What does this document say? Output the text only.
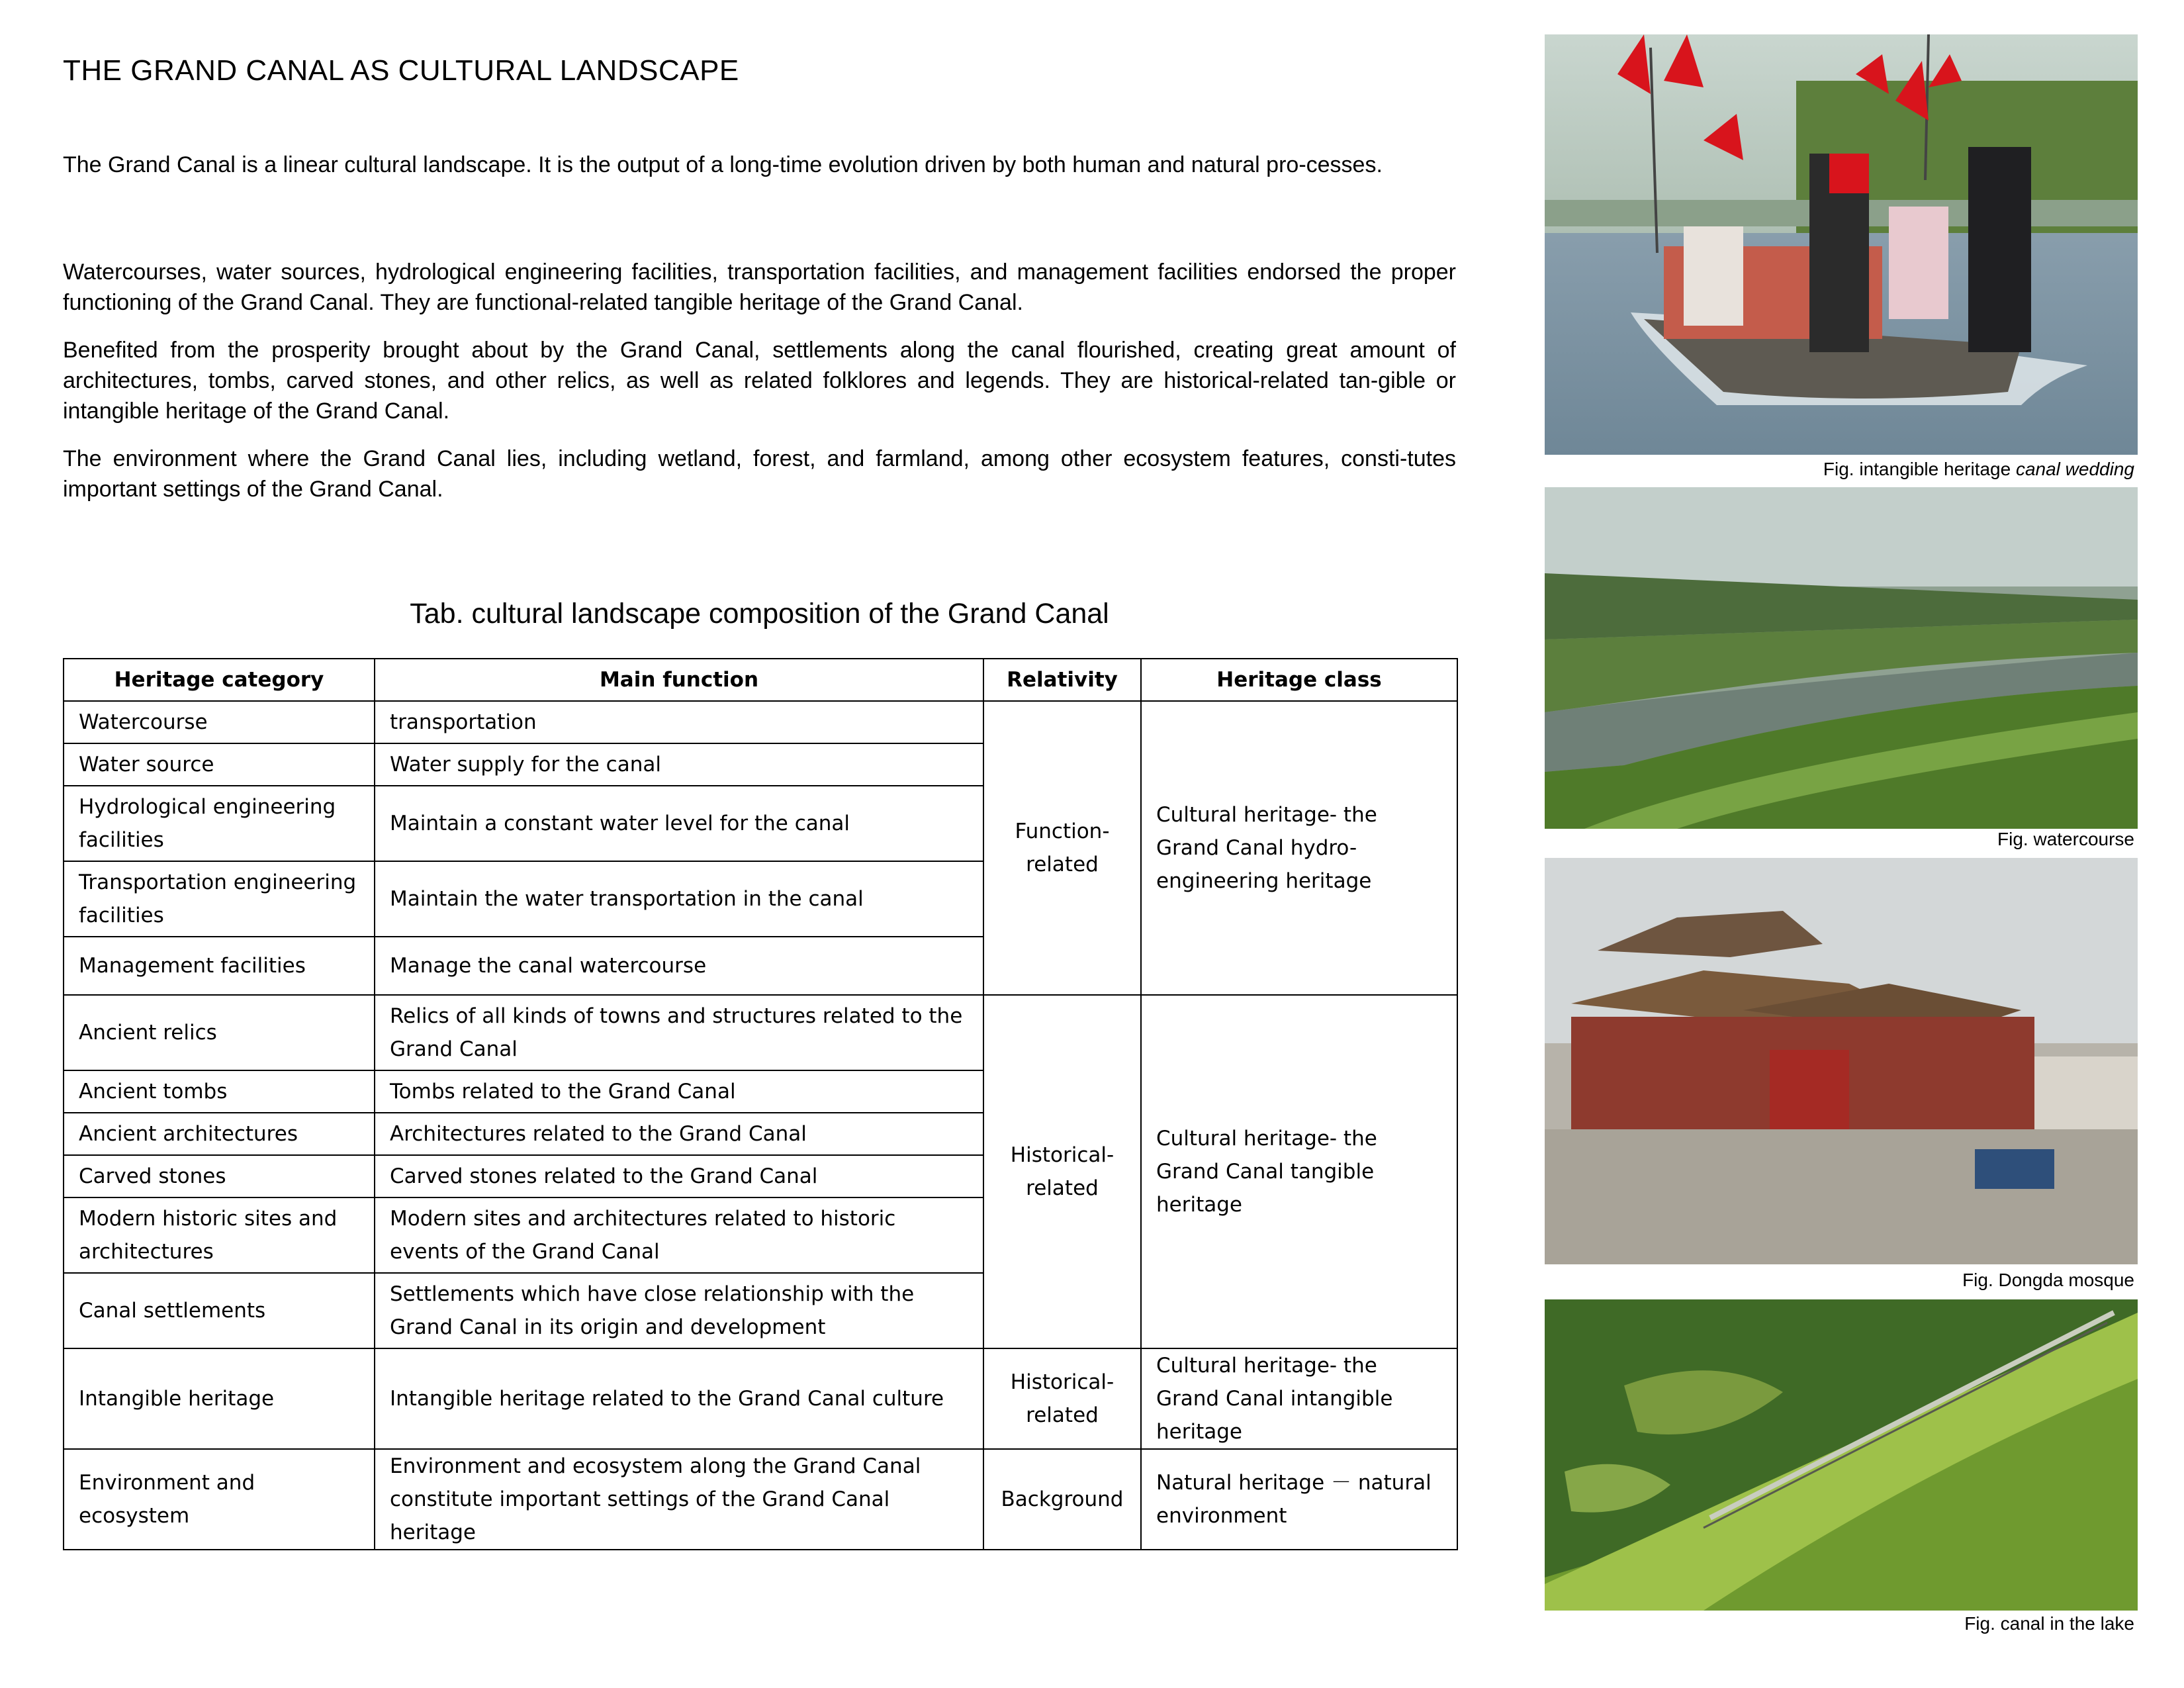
THE GRAND CANAL AS CULTURAL LANDSCAPE

The Grand Canal is a linear cultural landscape. It is the output of a long-time evolution driven by both human and natural pro-cesses.

Watercourses, water sources, hydrological engineering facilities, transportation facilities, and management facilities endorsed the proper functioning of the Grand Canal. They are functional-related tangible heritage of the Grand Canal.

Benefited from the prosperity brought about by the Grand Canal, settlements along the canal flourished, creating great amount of architectures, tombs, carved stones, and other relics, as well as related folklores and legends. They are historical-related tan-gible or intangible heritage of the Grand Canal.

The environment where the Grand Canal lies, including wetland, forest, and farmland, among other ecosystem features, consti-tutes important settings of the Grand Canal.

Tab. cultural landscape composition of the Grand Canal
Heritage category	Main function	Relativity	Heritage class
Watercourse	transportation	Function-related	Cultural heritage- the Grand Canal hydro-engineering heritage
Water source	Water supply for the canal		
Hydrological engineering facilities	Maintain a constant water level for the canal		
Transportation engineering facilities	Maintain the water transportation in the canal		
Management facilities	Manage the canal watercourse		
Ancient relics	Relics of all kinds of towns and structures related to the Grand Canal	Historical-related	Cultural heritage- the Grand Canal tangible heritage
Ancient tombs	Tombs related to the Grand Canal		
Ancient architectures	Architectures related to the Grand Canal		
Carved stones	Carved stones related to the Grand Canal		
Modern historic sites and architectures	Modern sites and architectures related to historic events of the Grand Canal		
Canal settlements	Settlements which have close relationship with the Grand Canal in its origin and development		
Intangible heritage	Intangible heritage related to the Grand Canal culture	Historical-related	Cultural heritage- the Grand Canal intangible heritage
Environment and ecosystem	Environment and ecosystem along the Grand Canal constitute important settings of the Grand Canal heritage	Background	Natural heritage － natural environment
Fig. intangible heritage canal wedding
Fig. watercourse
Fig. Dongda mosque
Fig. canal in the lake
